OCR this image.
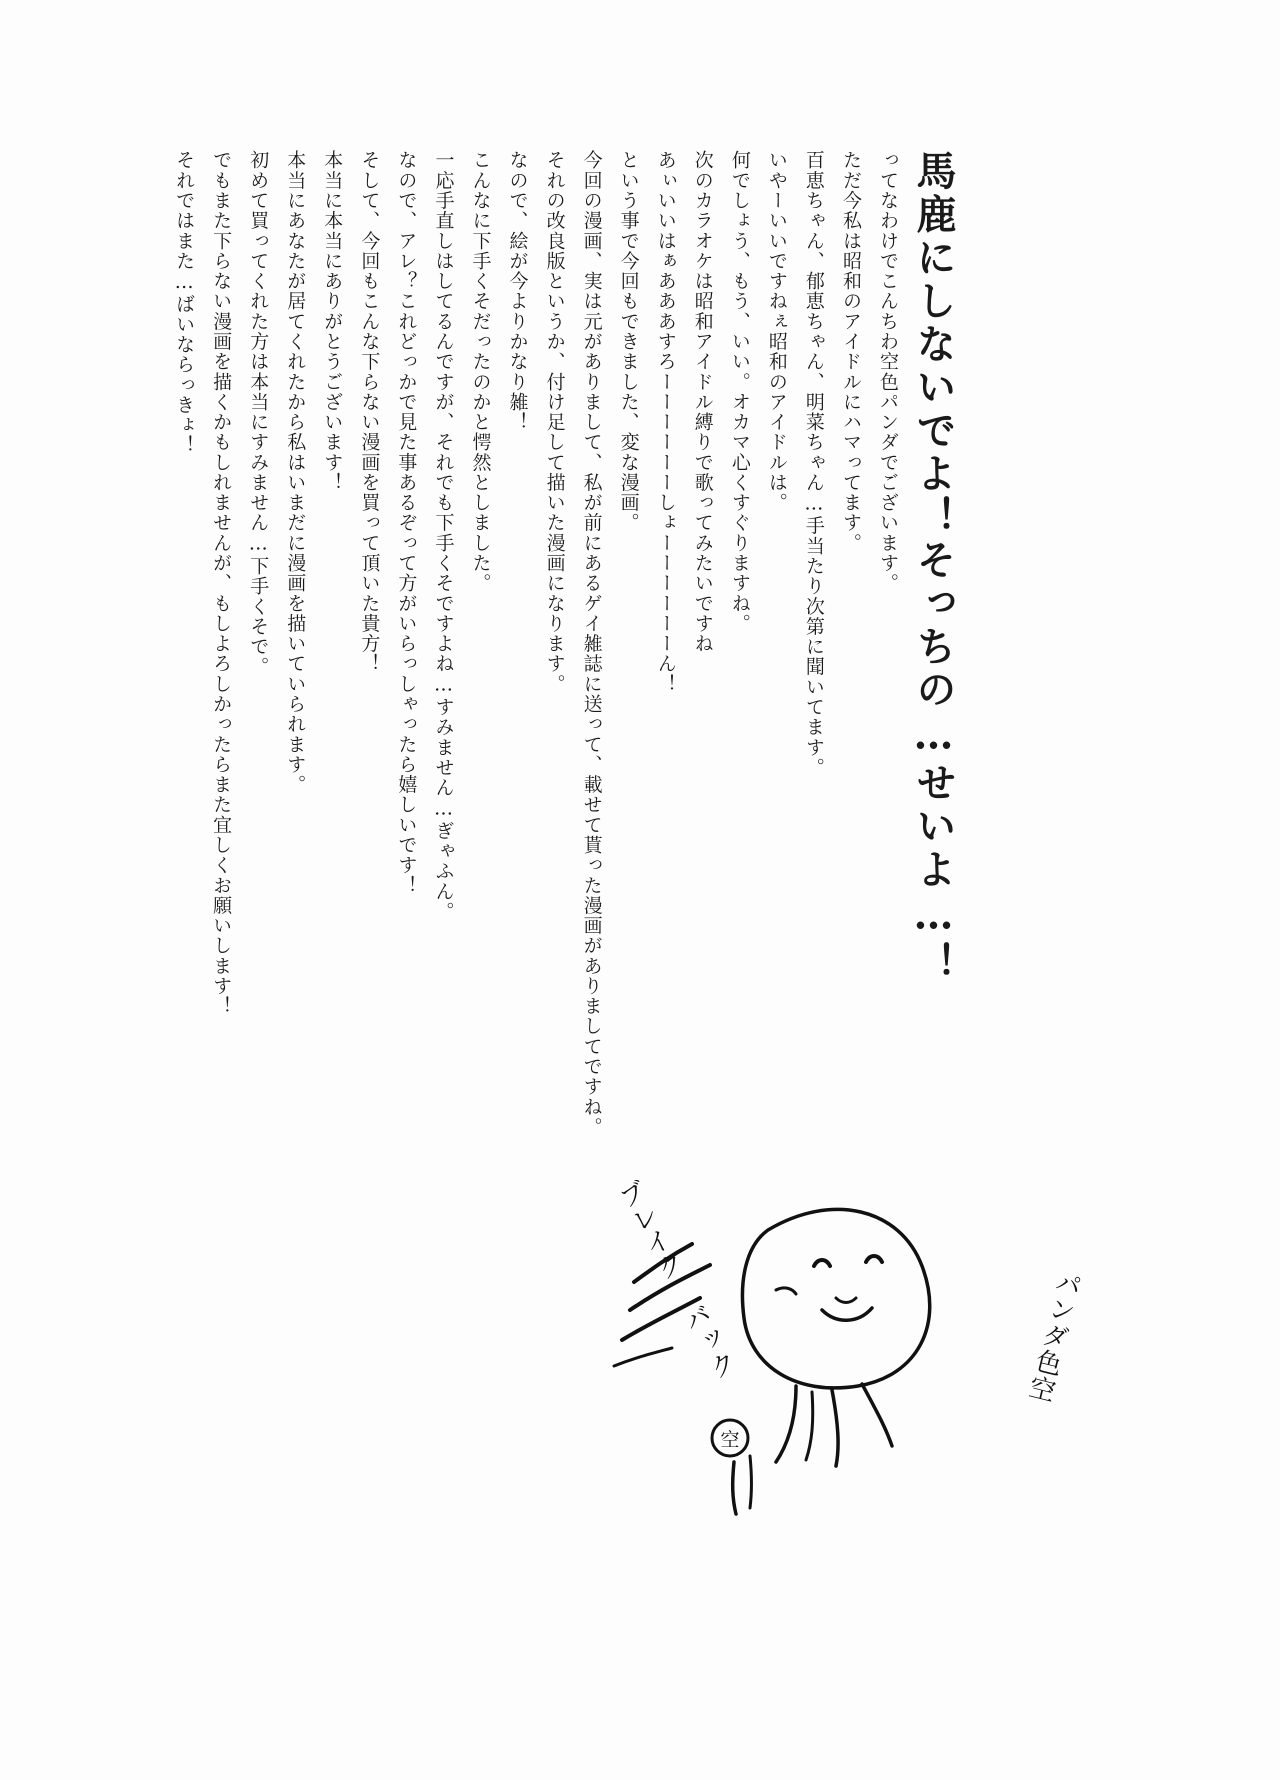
馬鹿にしないでよ！そっちの…せいよ…！
ってなわけでこんちわ空色パンダでございます。
ただ今私は昭和のアイドルにハマってます。
百恵ちゃん、郁恵ちゃん、明菜ちゃん…手当たり次第に聞いてます。
いやーいいですねぇ昭和のアイドルは。
何でしょう、もう、いい。オカマ心くすぐりますね。
次のカラオケは昭和アイドル縛りで歌ってみたいですね
あぃいいはぁあああすろーーーーーーしょーーーーーーん！
という事で今回もできました、変な漫画。
今回の漫画、実は元がありまして、私が前にあるゲイ雑誌に送って、載せて貰った漫画がありましてですね。
それの改良版というか、付け足して描いた漫画になります。
なので、絵が今よりかなり雑！
こんなに下手くそだったのかと愕然としました。
一応手直しはしてるんですが、それでも下手くそですよね…すみません…ぎゃふん。
なので、アレ？これどっかで見た事あるぞって方がいらっしゃったら嬉しいです！
そして、今回もこんな下らない漫画を買って頂いた貴方！
本当に本当にありがとうございます！
本当にあなたが居てくれたから私はいまだに漫画を描いていられます。
初めて買ってくれた方は本当にすみません…下手くそで。
でもまた下らない漫画を描くかもしれませんが、もしよろしかったらまた宜しくお願いします！
それではまた…ばいならっきょ！
ブレイク バック	パンダ色空
空
